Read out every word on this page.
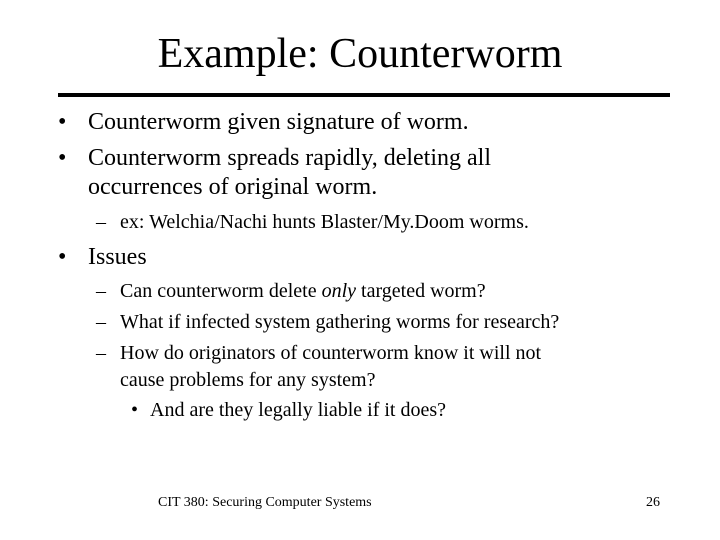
Example: Counterworm
• Counterworm given signature of worm.
• Counterworm spreads rapidly, deleting all
occurrences of original worm.
– ex: Welchia/Nachi hunts Blaster/My.Doom worms.
• Issues
– Can counterworm delete only targeted worm?
– What if infected system gathering worms for research?
– How do originators of counterworm know it will not
cause problems for any system?
• And are they legally liable if it does?
CIT 380: Securing Computer Systems	26
